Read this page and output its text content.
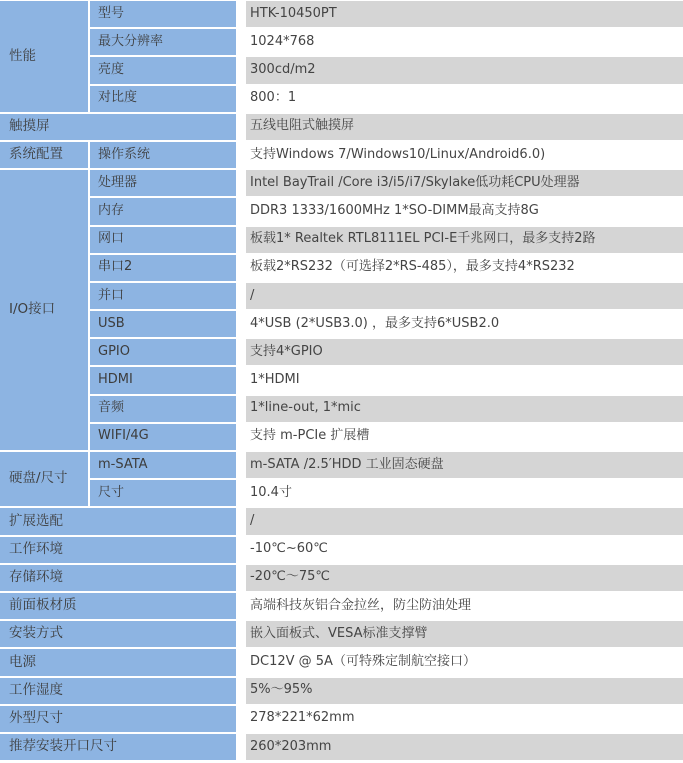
性能	型号	HTK-10450PT
	最大分辨率	1024*768
	亮度	300cd/m2
	对比度	800：1
触摸屏		五线电阻式触摸屏
系统配置	操作系统	支持Windows 7/Windows10/Linux/Android6.0)
I/O接口	处理器	Intel BayTrail /Core i3/i5/i7/Skylake低功耗CPU处理器
	内存	DDR3 1333/1600MHz 1*SO-DIMM最高支持8G
	网口	板载1* Realtek RTL8111EL PCI-E千兆网口，最多支持2路
	串口2	板载2*RS232（可选择2*RS-485），最多支持4*RS232
	并口	/
	USB	4*USB (2*USB3.0) ，最多支持6*USB2.0
	GPIO	支持4*GPIO
	HDMI	1*HDMI
	音频	1*line-out, 1*mic
	WIFI/4G	支持 m-PCIe 扩展槽
硬盘/尺寸	m-SATA	m-SATA /2.5′HDD 工业固态硬盘
	尺寸	10.4寸
扩展选配		/
工作环境		-10℃~60℃
存储环境		-20℃～75℃
前面板材质		高端科技灰铝合金拉丝，防尘防油处理
安装方式		嵌入面板式、VESA标准支撑臂
电源		DC12V @ 5A（可特殊定制航空接口）
工作湿度		5%～95%
外型尺寸		278*221*62mm
推荐安装开口尺寸		260*203mm
